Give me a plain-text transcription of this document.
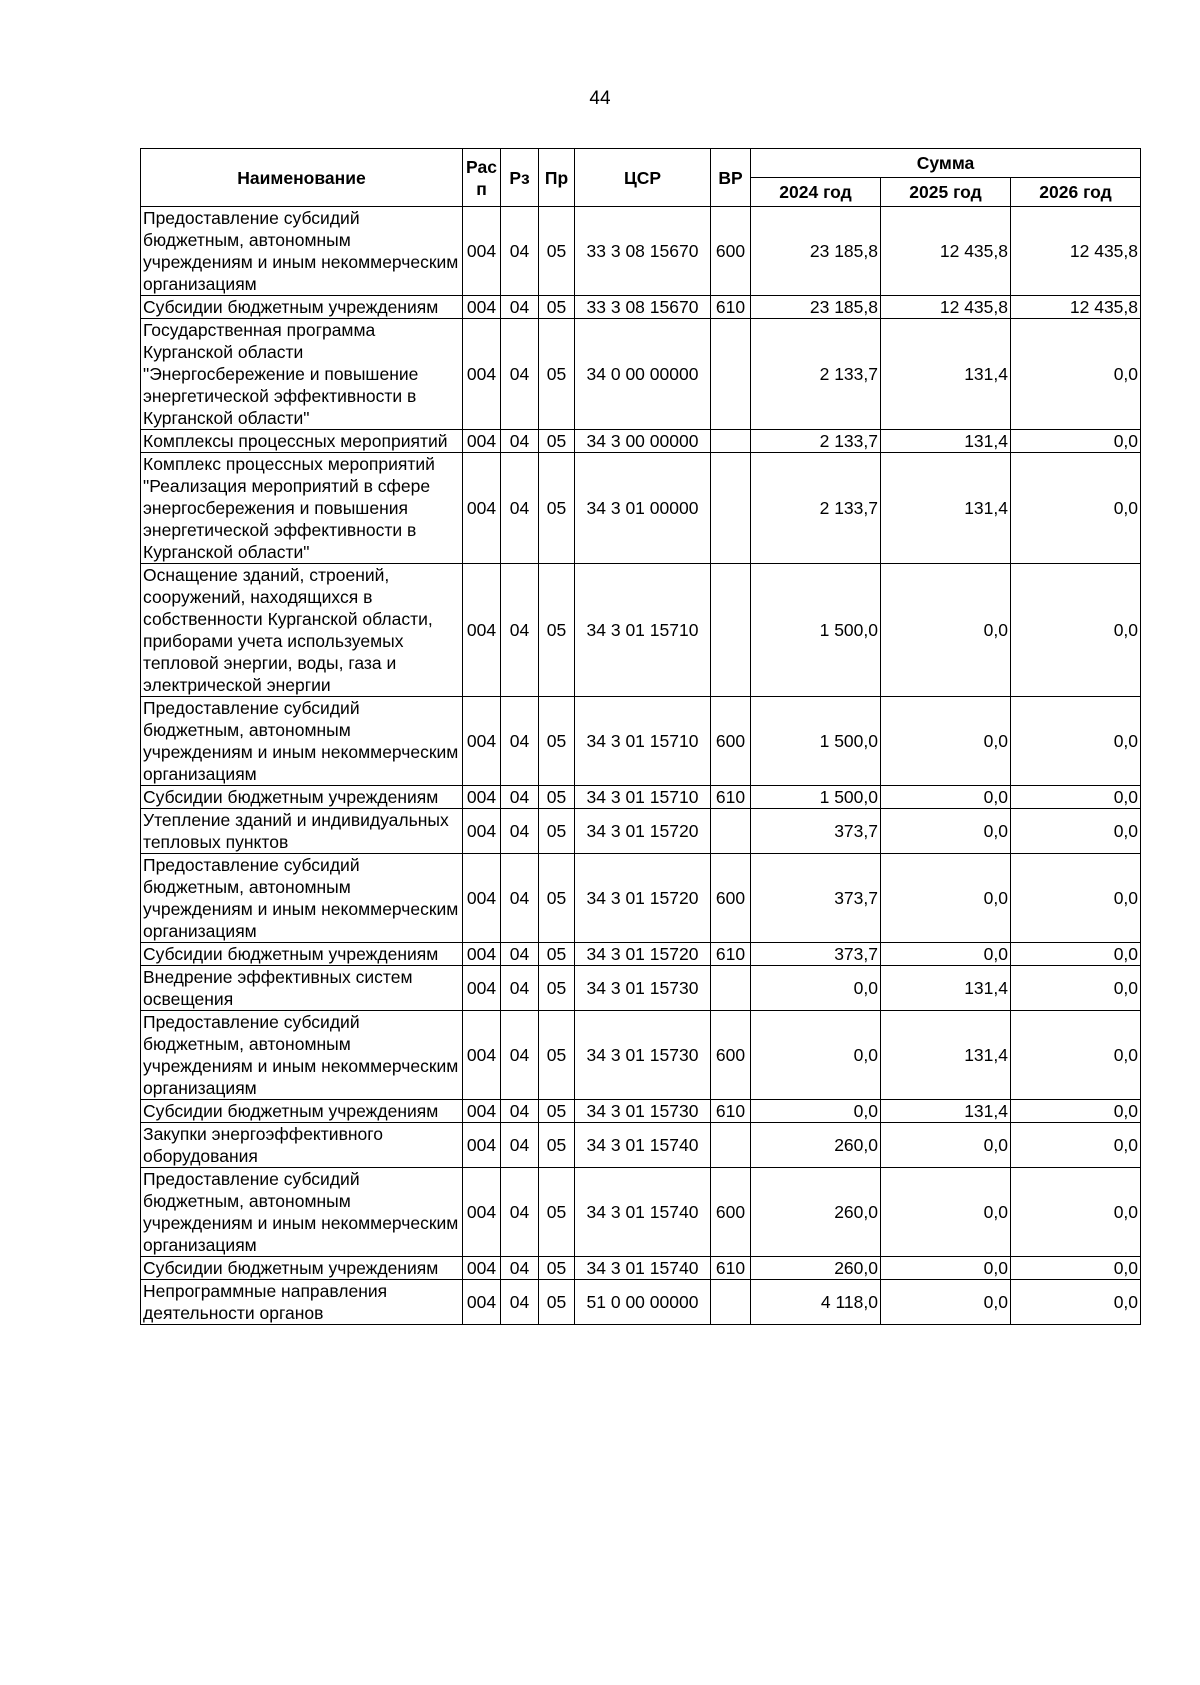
44
Наименование	Рас п	Рз	Пр	ЦСР	ВР	Сумма		
						2024 год	2025 год	2026 год
Предоставление субсидий бюджетным, автономным учреждениям и иным некоммерческим организациям	004	04	05	33 3 08 15670	600	23 185,8	12 435,8	12 435,8
Субсидии бюджетным учреждениям	004	04	05	33 3 08 15670	610	23 185,8	12 435,8	12 435,8
Государственная программа Курганской области "Энергосбережение и повышение энергетической эффективности в Курганской области"	004	04	05	34 0 00 00000		2 133,7	131,4	0,0
Комплексы процессных мероприятий	004	04	05	34 3 00 00000		2 133,7	131,4	0,0
Комплекс процессных мероприятий "Реализация мероприятий в сфере энергосбережения и повышения энергетической эффективности в Курганской области"	004	04	05	34 3 01 00000		2 133,7	131,4	0,0
Оснащение зданий, строений, сооружений, находящихся в собственности Курганской области, приборами учета используемых тепловой энергии, воды, газа и электрической энергии	004	04	05	34 3 01 15710		1 500,0	0,0	0,0
Предоставление субсидий бюджетным, автономным учреждениям и иным некоммерческим организациям	004	04	05	34 3 01 15710	600	1 500,0	0,0	0,0
Субсидии бюджетным учреждениям	004	04	05	34 3 01 15710	610	1 500,0	0,0	0,0
Утепление зданий и индивидуальных тепловых пунктов	004	04	05	34 3 01 15720		373,7	0,0	0,0
Предоставление субсидий бюджетным, автономным учреждениям и иным некоммерческим организациям	004	04	05	34 3 01 15720	600	373,7	0,0	0,0
Субсидии бюджетным учреждениям	004	04	05	34 3 01 15720	610	373,7	0,0	0,0
Внедрение эффективных систем освещения	004	04	05	34 3 01 15730		0,0	131,4	0,0
Предоставление субсидий бюджетным, автономным учреждениям и иным некоммерческим организациям	004	04	05	34 3 01 15730	600	0,0	131,4	0,0
Субсидии бюджетным учреждениям	004	04	05	34 3 01 15730	610	0,0	131,4	0,0
Закупки энергоэффективного оборудования	004	04	05	34 3 01 15740		260,0	0,0	0,0
Предоставление субсидий бюджетным, автономным учреждениям и иным некоммерческим организациям	004	04	05	34 3 01 15740	600	260,0	0,0	0,0
Субсидии бюджетным учреждениям	004	04	05	34 3 01 15740	610	260,0	0,0	0,0
Непрограммные направления деятельности органов	004	04	05	51 0 00 00000		4 118,0	0,0	0,0
